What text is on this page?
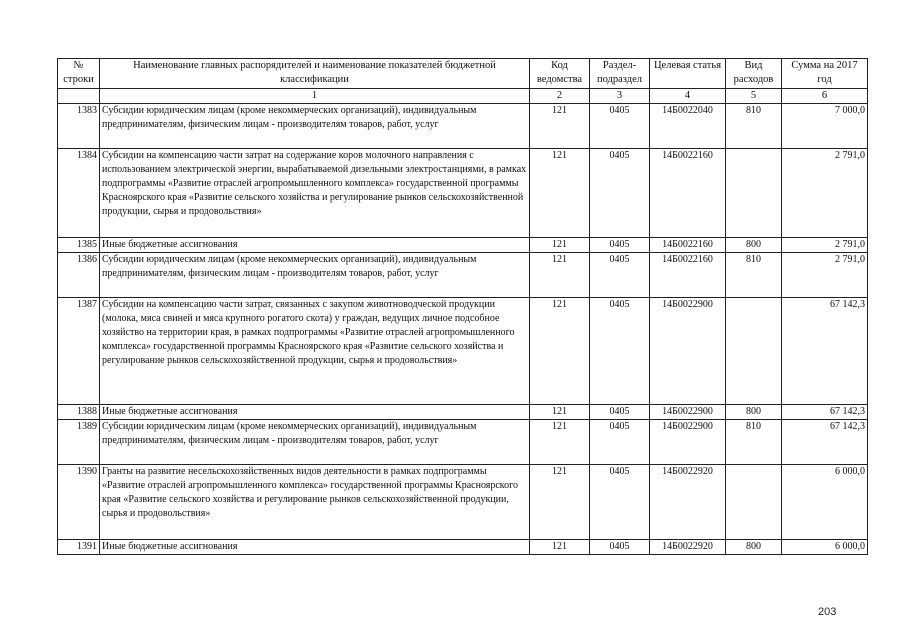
№ строки	Наименование главных распорядителей и наименование показателей бюджетной классификации	Код ведомства	Раздел-подраздел	Целевая статья	Вид расходов	Сумма на 2017 год
	1	2	3	4	5	6
1383	Субсидии юридическим лицам (кроме некоммерческих организаций), индивидуальным предпринимателям, физическим лицам - производителям товаров, работ, услуг	121	0405	14Б0022040	810	7 000,0
1384	Субсидии на компенсацию части затрат на содержание коров молочного направления с использованием электрической энергии, вырабатываемой дизельными электростанциями, в рамках подпрограммы «Развитие отраслей агропромышленного комплекса» государственной программы Красноярского края «Развитие сельского хозяйства и регулирование рынков сельскохозяйственной продукции, сырья и продовольствия»	121	0405	14Б0022160		2 791,0
1385	Иные бюджетные ассигнования	121	0405	14Б0022160	800	2 791,0
1386	Субсидии юридическим лицам (кроме некоммерческих организаций), индивидуальным предпринимателям, физическим лицам - производителям товаров, работ, услуг	121	0405	14Б0022160	810	2 791,0
1387	Субсидии на компенсацию части затрат, связанных с закупом животноводческой продукции (молока, мяса свиней и мяса крупного рогатого скота) у граждан, ведущих личное подсобное хозяйство на территории края, в рамках подпрограммы «Развитие отраслей агропромышленного комплекса» государственной программы Красноярского края «Развитие сельского хозяйства и регулирование рынков сельскохозяйственной продукции, сырья и продовольствия»	121	0405	14Б0022900		67 142,3
1388	Иные бюджетные ассигнования	121	0405	14Б0022900	800	67 142,3
1389	Субсидии юридическим лицам (кроме некоммерческих организаций), индивидуальным предпринимателям, физическим лицам - производителям товаров, работ, услуг	121	0405	14Б0022900	810	67 142,3
1390	Гранты на развитие несельскохозяйственных видов деятельности в рамках подпрограммы «Развитие отраслей агропромышленного комплекса» государственной программы Красноярского края «Развитие сельского хозяйства и регулирование рынков сельскохозяйственной продукции, сырья и продовольствия»	121	0405	14Б0022920		6 000,0
1391	Иные бюджетные ассигнования	121	0405	14Б0022920	800	6 000,0
203
